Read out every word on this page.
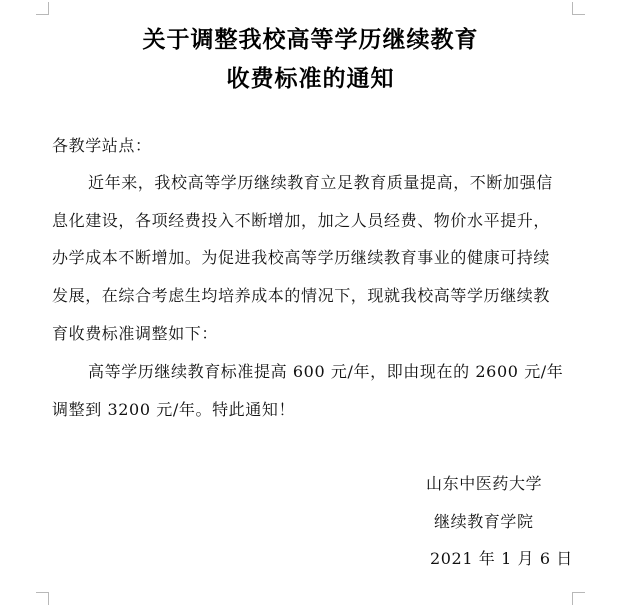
关于调整我校高等学历继续教育
收费标准的通知
各教学站点：
近年来，我校高等学历继续教育立足教育质量提高，不断加强信
息化建设，各项经费投入不断增加，加之人员经费、物价水平提升，
办学成本不断增加。为促进我校高等学历继续教育事业的健康可持续
发展，在综合考虑生均培养成本的情况下，现就我校高等学历继续教
育收费标准调整如下：
高等学历继续教育标准提高 600 元/年，即由现在的 2600 元/年
调整到 3200 元/年。特此通知！
山东中医药大学
继续教育学院
2021 年 1 月 6 日
